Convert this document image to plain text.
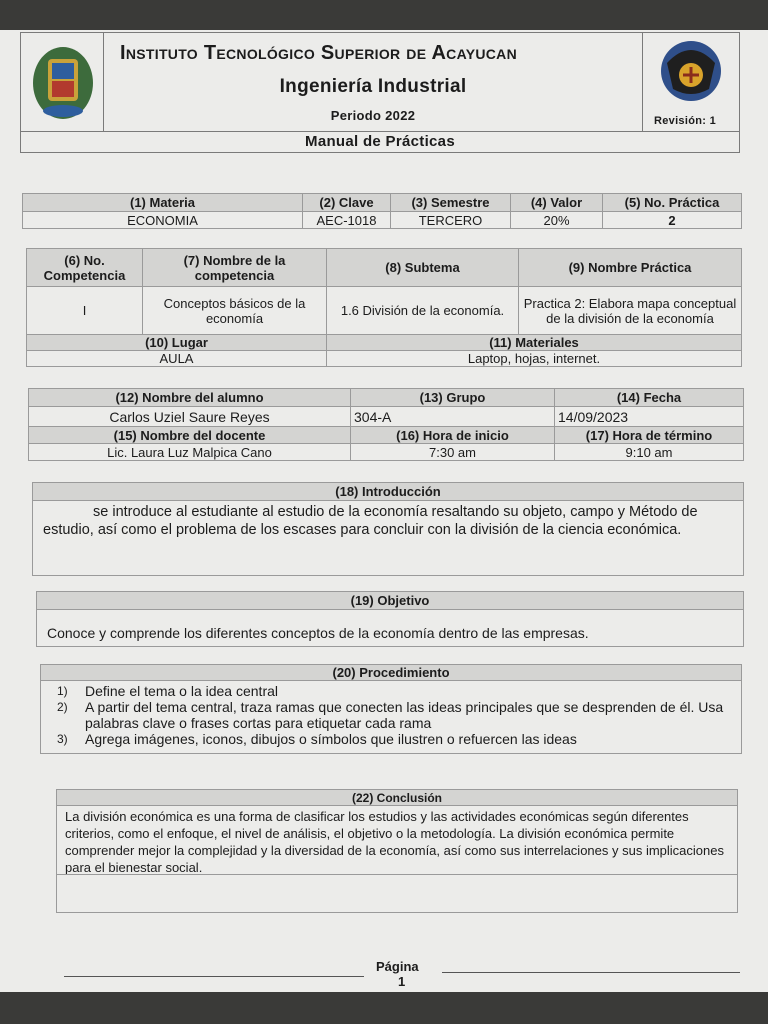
Instituto Tecnológico Superior de Acayucan
Ingeniería Industrial
Periodo 2022	Revisión: 1
Manual de Prácticas
(1) Materia	(2) Clave	(3) Semestre	(4) Valor	(5) No. Práctica
ECONOMIA	AEC-1018	TERCERO	20%	2
(6) No. Competencia	(7) Nombre de la competencia	(8) Subtema	(9) Nombre Práctica
I	Conceptos básicos de la economía	1.6 División de la economía.	Practica 2: Elabora mapa conceptual de la división de la economía
(10) Lugar		(11) Materiales	
AULA		Laptop, hojas, internet.	
(12) Nombre del alumno	(13) Grupo	(14) Fecha
Carlos Uziel Saure Reyes	304-A	14/09/2023
(15) Nombre del docente	(16) Hora de inicio	(17) Hora de término
Lic. Laura Luz Malpica Cano	7:30 am	9:10 am
(18) Introducción
se introduce al estudiante al estudio de la economía resaltando su objeto, campo y Método de estudio, así como el problema de los escases para concluir con la división de la ciencia económica.
(19) Objetivo
Conoce y comprende los diferentes conceptos de la economía dentro de las empresas.
(20) Procedimiento
1) Define el tema o la idea central
2) A partir del tema central, traza ramas que conecten las ideas principales que se desprenden de él. Usa palabras clave o frases cortas para etiquetar cada rama
3) Agrega imágenes, iconos, dibujos o símbolos que ilustren o refuercen las ideas
(22) Conclusión
La división económica es una forma de clasificar los estudios y las actividades económicas según diferentes criterios, como el enfoque, el nivel de análisis, el objetivo o la metodología. La división económica permite comprender mejor la complejidad y la diversidad de la economía, así como sus interrelaciones y sus implicaciones para el bienestar social.
Página
1
